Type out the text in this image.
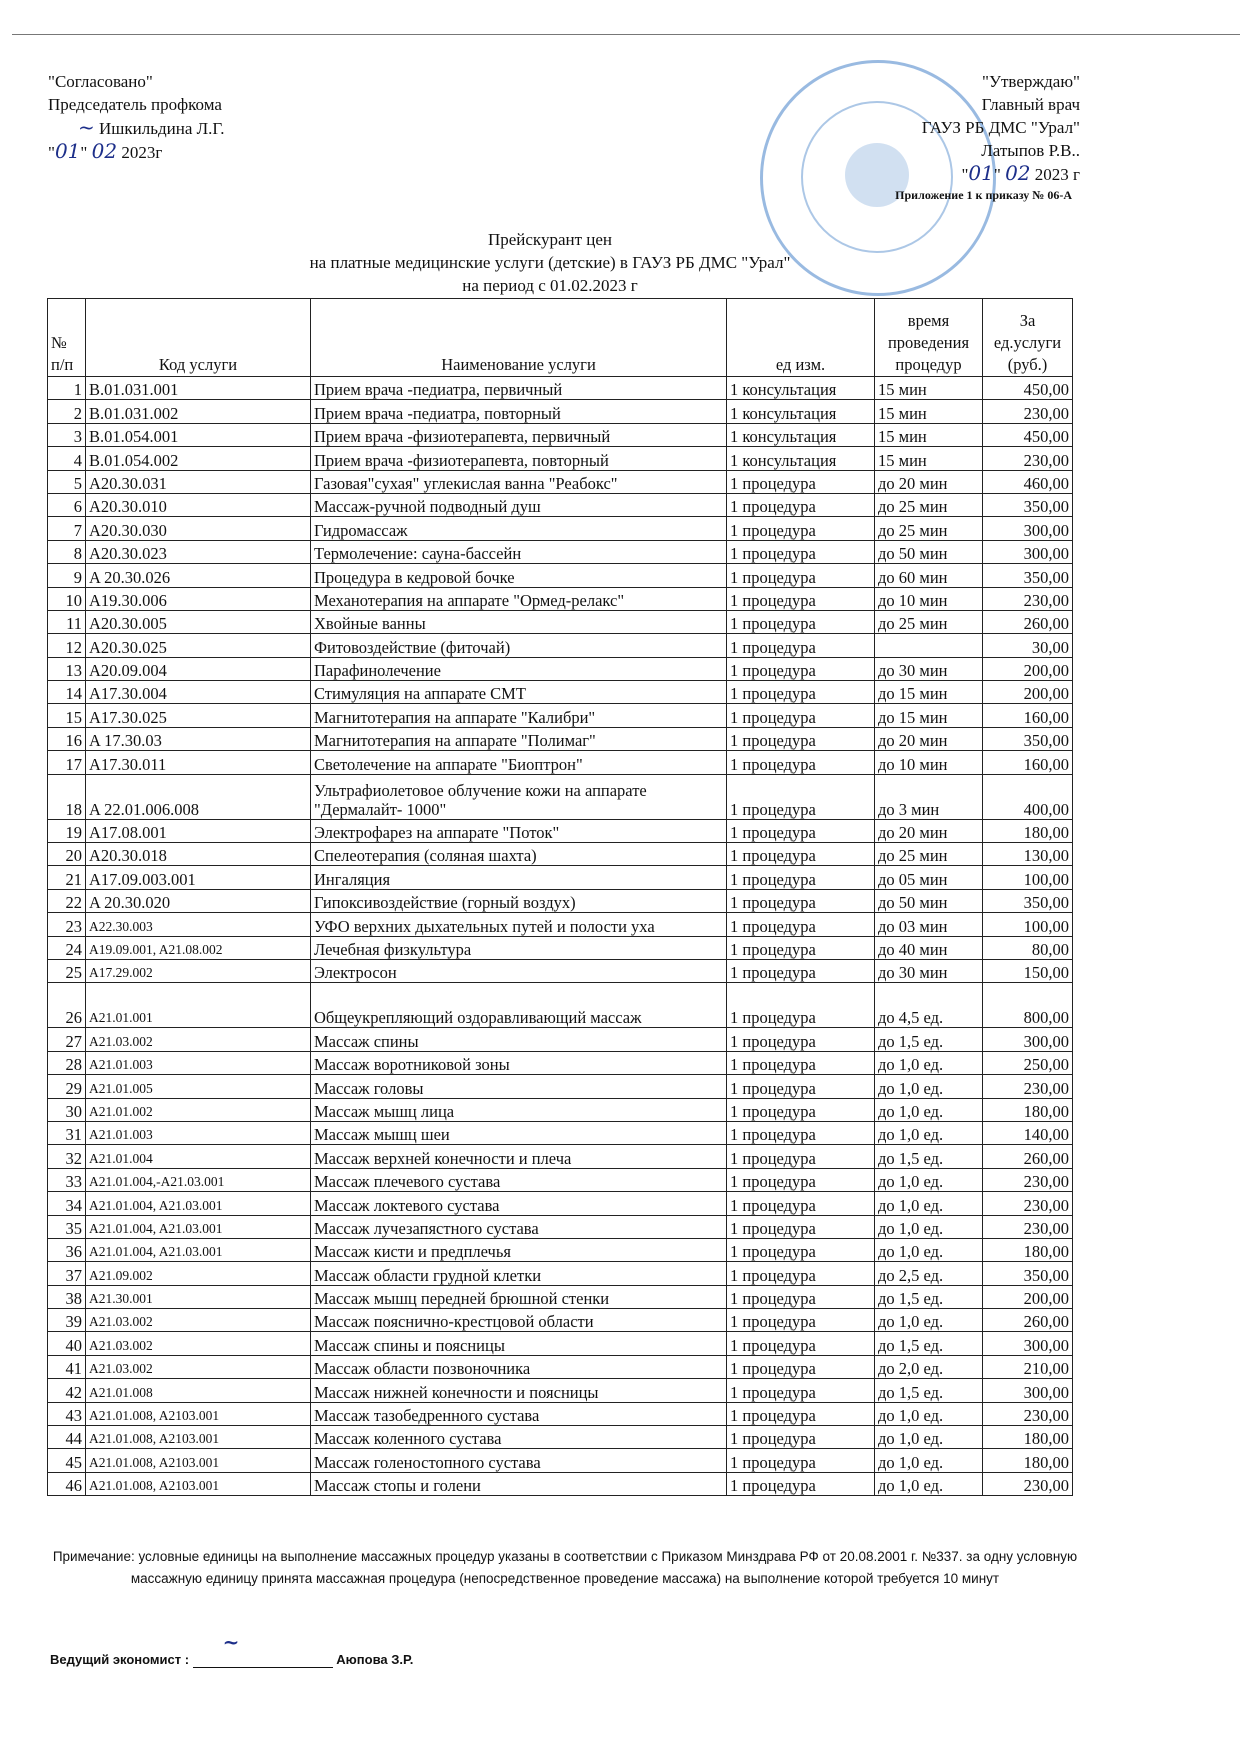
"Согласовано"
Председатель профкома
~ Ишкильдина Л.Г.
"01" 02 2023г
"Утверждаю"
Главный врач
ГАУЗ РБ ДМС "Урал"
Латыпов Р.В..
"01" 02 2023 г
Приложение 1 к приказу № 06-А
Прейскурант цен
на платные медицинские услуги (детские) в ГАУЗ РБ ДМС "Урал"
на период с 01.02.2023 г
№
п/п	Код услуги	Наименование услуги	ед изм.	время
проведения
процедур	За
ед.услуги
(руб.)
1	B.01.031.001	Прием врача -педиатра, первичный	1 консультация	15 мин	450,00
2	B.01.031.002	Прием врача -педиатра, повторный	1 консультация	15 мин	230,00
3	B.01.054.001	Прием врача -физиотерапевта, первичный	1 консультация	15 мин	450,00
4	B.01.054.002	Прием врача -физиотерапевта, повторный	1 консультация	15 мин	230,00
5	A20.30.031	Газовая"сухая" углекислая ванна "Реабокс"	1 процедура	до 20 мин	460,00
6	A20.30.010	Массаж-ручной подводный душ	1 процедура	до 25 мин	350,00
7	A20.30.030	Гидромассаж	1 процедура	до 25 мин	300,00
8	A20.30.023	Термолечение: сауна-бассейн	1 процедура	до 50 мин	300,00
9	A 20.30.026	Процедура в кедровой бочке	1 процедура	до 60 мин	350,00
10	A19.30.006	Механотерапия на аппарате "Ормед-релакс"	1 процедура	до 10 мин	230,00
11	A20.30.005	Хвойные ванны	1 процедура	до 25 мин	260,00
12	A20.30.025	Фитовоздействие (фиточай)	1 процедура		30,00
13	A20.09.004	Парафинолечение	1 процедура	до 30 мин	200,00
14	A17.30.004	Стимуляция на аппарате СМТ	1 процедура	до 15 мин	200,00
15	A17.30.025	Магнитотерапия на аппарате "Калибри"	1 процедура	до 15 мин	160,00
16	A 17.30.03	Магнитотерапия на аппарате "Полимаг"	1 процедура	до 20 мин	350,00
17	A17.30.011	Светолечение на аппарате "Биоптрон"	1 процедура	до 10 мин	160,00
18	A 22.01.006.008	Ультрафиолетовое облучение кожи на аппарате "Дермалайт- 1000"	1 процедура	до 3 мин	400,00
19	A17.08.001	Электрофарез на аппарате "Поток"	1 процедура	до 20 мин	180,00
20	A20.30.018	Спелеотерапия (соляная шахта)	1 процедура	до 25 мин	130,00
21	A17.09.003.001	Ингаляция	1 процедура	до 05 мин	100,00
22	A 20.30.020	Гипоксивоздействие (горный воздух)	1 процедура	до 50 мин	350,00
23	A22.30.003	УФО верхних дыхательных путей и полости уха	1 процедура	до 03 мин	100,00
24	A19.09.001, A21.08.002	Лечебная физкультура	1 процедура	до 40 мин	80,00
25	A17.29.002	Электросон	1 процедура	до 30 мин	150,00
26	A21.01.001	Общеукрепляющий оздоравливающий массаж	1 процедура	до 4,5 ед.	800,00
27	A21.03.002	Массаж спины	1 процедура	до 1,5 ед.	300,00
28	A21.01.003	Массаж воротниковой зоны	1 процедура	до 1,0 ед.	250,00
29	A21.01.005	Массаж головы	1 процедура	до 1,0 ед.	230,00
30	A21.01.002	Массаж мышц лица	1 процедура	до 1,0 ед.	180,00
31	A21.01.003	Массаж мышц шеи	1 процедура	до 1,0 ед.	140,00
32	A21.01.004	Массаж верхней конечности и плеча	1 процедура	до 1,5 ед.	260,00
33	A21.01.004,-A21.03.001	Массаж плечевого сустава	1 процедура	до 1,0 ед.	230,00
34	A21.01.004, A21.03.001	Массаж локтевого сустава	1 процедура	до 1,0 ед.	230,00
35	A21.01.004, A21.03.001	Массаж лучезапястного сустава	1 процедура	до 1,0 ед.	230,00
36	A21.01.004, A21.03.001	Массаж кисти и предплечья	1 процедура	до 1,0 ед.	180,00
37	A21.09.002	Массаж области грудной клетки	1 процедура	до 2,5 ед.	350,00
38	A21.30.001	Массаж мышц передней брюшной стенки	1 процедура	до 1,5 ед.	200,00
39	A21.03.002	Массаж пояснично-крестцовой области	1 процедура	до 1,0 ед.	260,00
40	A21.03.002	Массаж спины и поясницы	1 процедура	до 1,5 ед.	300,00
41	A21.03.002	Массаж области позвоночника	1 процедура	до 2,0 ед.	210,00
42	A21.01.008	Массаж нижней конечности и поясницы	1 процедура	до 1,5 ед.	300,00
43	A21.01.008, A2103.001	Массаж тазобедренного сустава	1 процедура	до 1,0 ед.	230,00
44	A21.01.008, A2103.001	Массаж коленного сустава	1 процедура	до 1,0 ед.	180,00
45	A21.01.008, A2103.001	Массаж голеностопного сустава	1 процедура	до 1,0 ед.	180,00
46	A21.01.008, A2103.001	Массаж стопы и голени	1 процедура	до 1,0 ед.	230,00
Примечание: условные единицы на выполнение массажных процедур указаны в соответствии с Приказом Минздрава РФ от 20.08.2001 г. №337. за одну условную массажную единицу принята массажная процедура (непосредственное проведение массажа) на выполнение которой требуется 10 минут
Ведущий экономист :
~
Аюпова З.Р.
